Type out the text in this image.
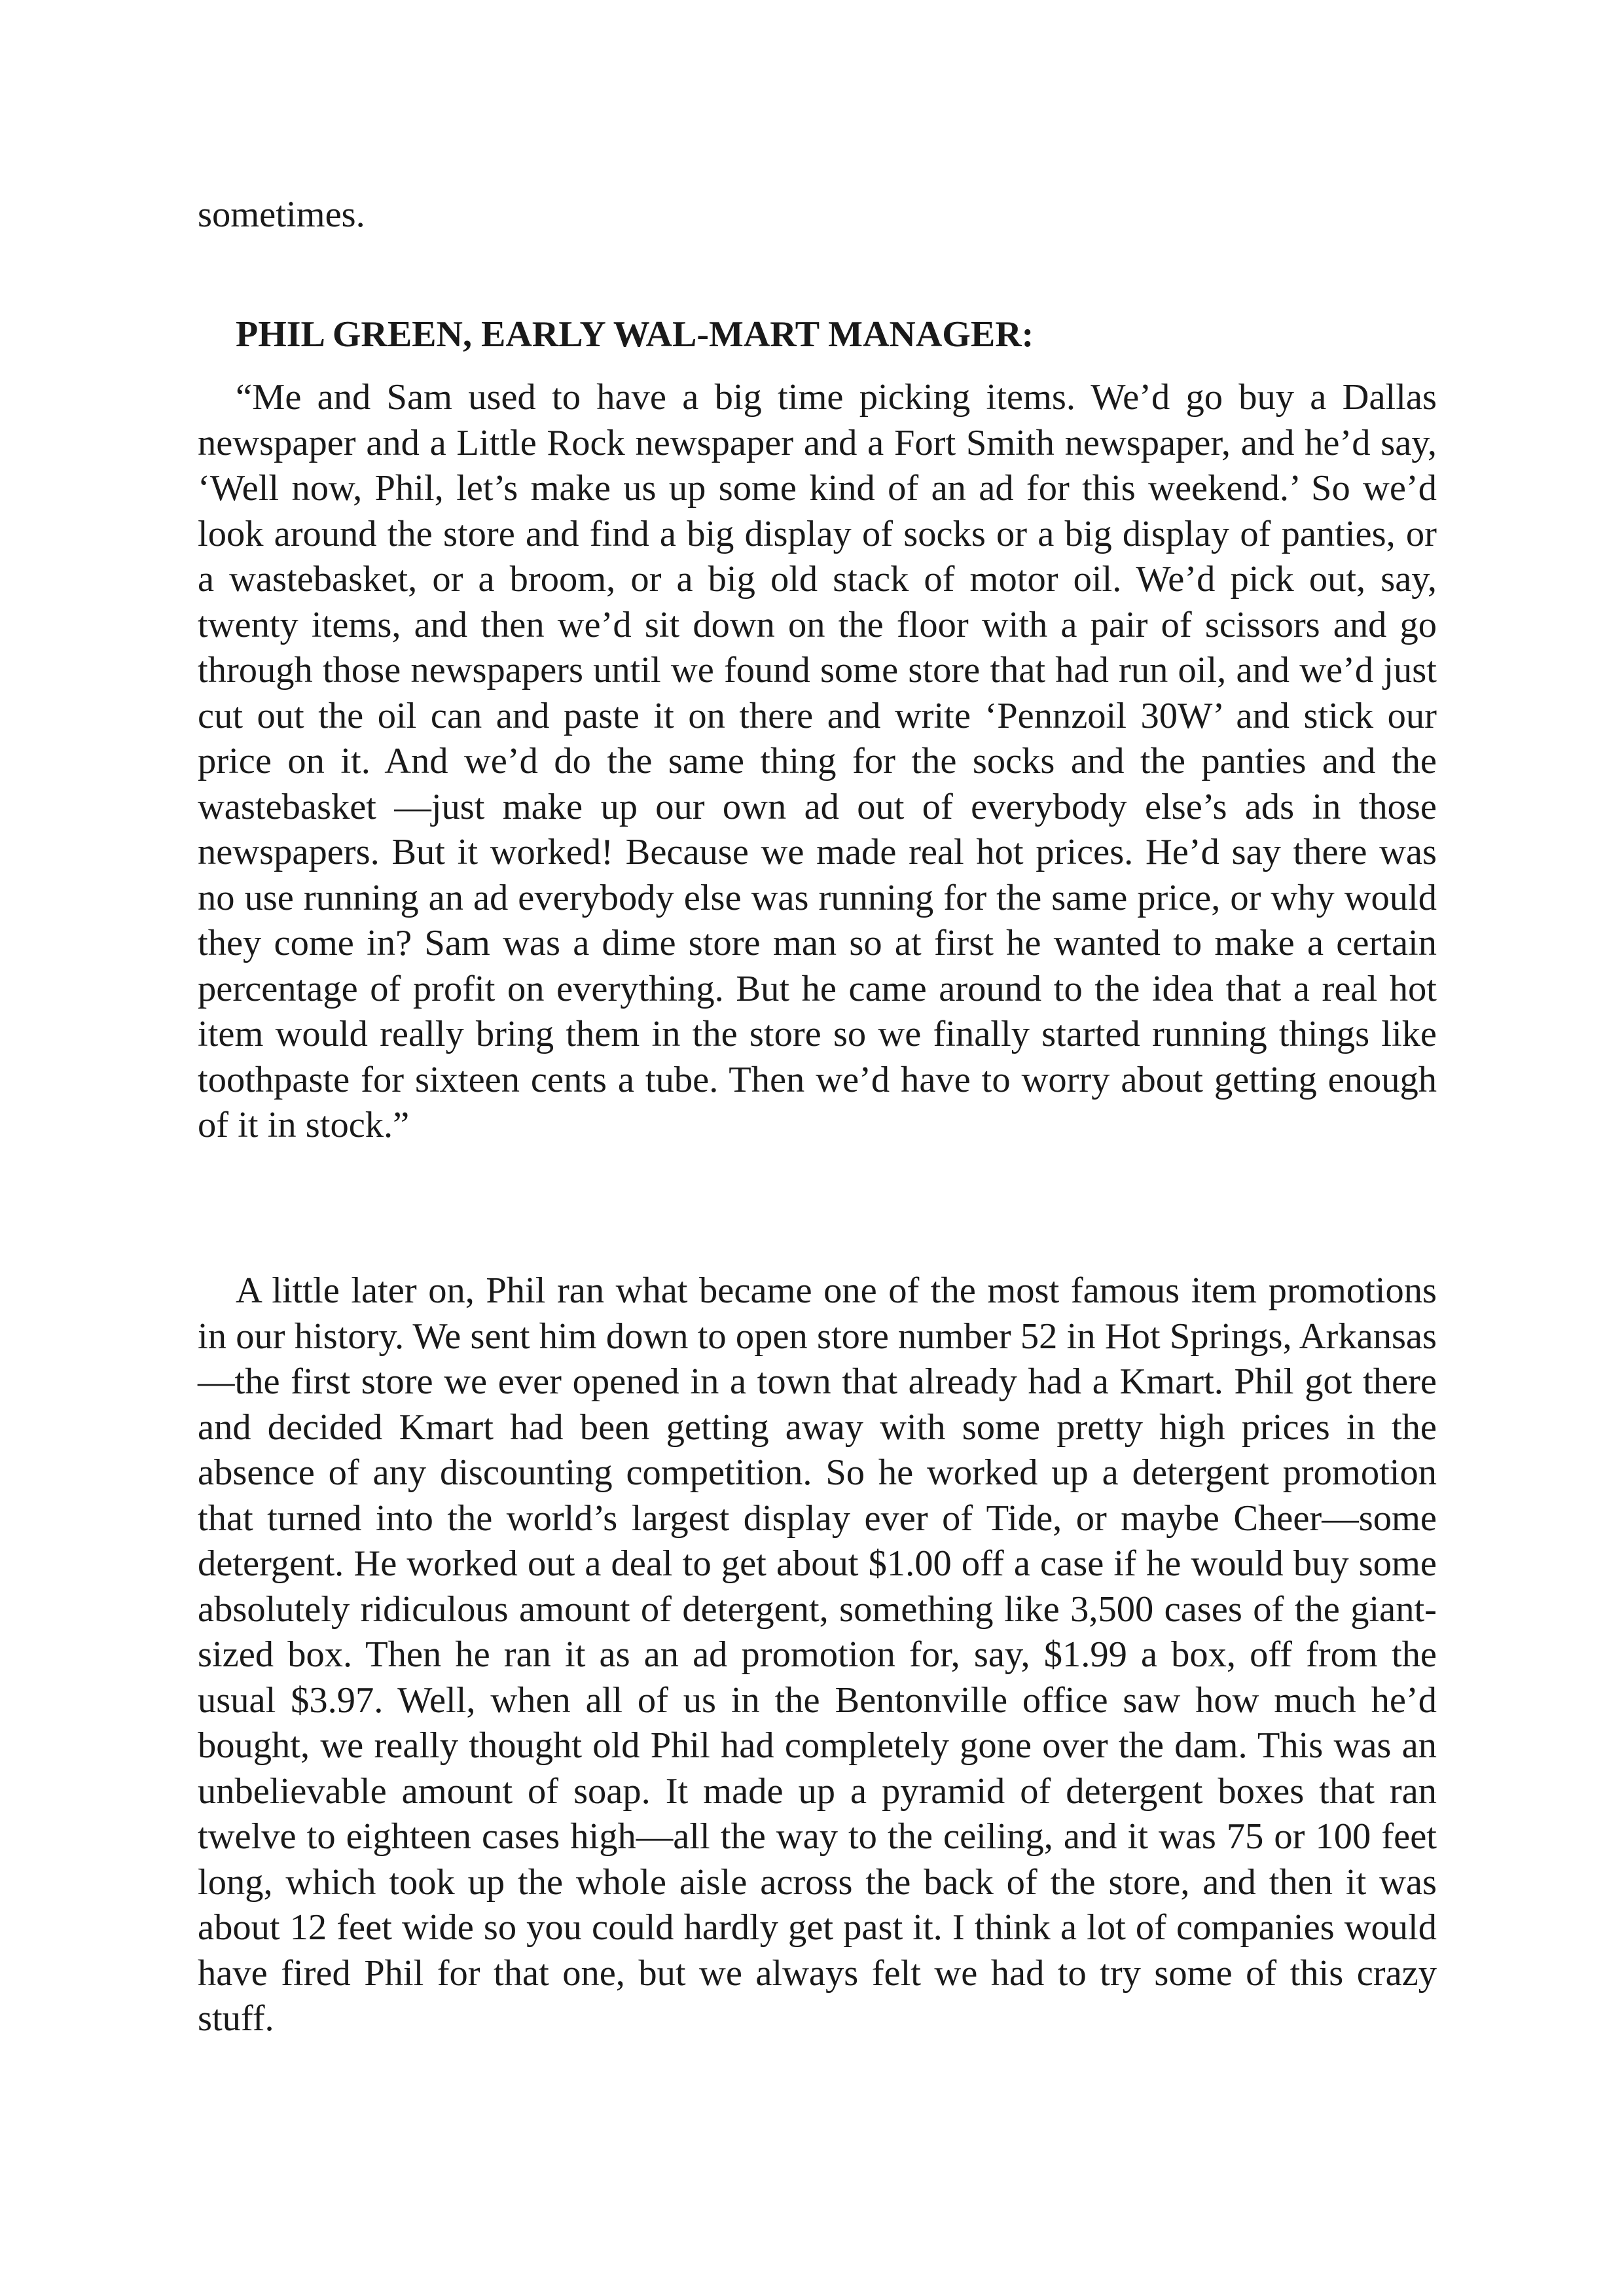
sometimes.

PHIL GREEN, EARLY WAL-MART MANAGER:

“Me and Sam used to have a big time picking items. We’d go buy a Dallas newspaper and a Little Rock newspaper and a Fort Smith newspaper, and he’d say, ‘Well now, Phil, let’s make us up some kind of an ad for this weekend.’ So we’d look around the store and find a big display of socks or a big display of panties, or a wastebasket, or a broom, or a big old stack of motor oil. We’d pick out, say, twenty items, and then we’d sit down on the floor with a pair of scissors and go through those newspapers until we found some store that had run oil, and we’d just cut out the oil can and paste it on there and write ‘Pennzoil 30W’ and stick our price on it. And we’d do the same thing for the socks and the panties and the wastebasket —just make up our own ad out of everybody else’s ads in those newspapers. But it worked! Because we made real hot prices. He’d say there was no use running an ad everybody else was running for the same price, or why would they come in? Sam was a dime store man so at first he wanted to make a certain percentage of profit on everything. But he came around to the idea that a real hot item would really bring them in the store so we finally started running things like toothpaste for sixteen cents a tube. Then we’d have to worry about getting enough of it in stock.”

A little later on, Phil ran what became one of the most famous item promotions in our history. We sent him down to open store number 52 in Hot Springs, Arkansas—the first store we ever opened in a town that already had a Kmart. Phil got there and decided Kmart had been getting away with some pretty high prices in the absence of any discounting competition. So he worked up a detergent promotion that turned into the world’s largest display ever of Tide, or maybe Cheer—some detergent. He worked out a deal to get about $1.00 off a case if he would buy some absolutely ridiculous amount of detergent, something like 3,500 cases of the giant-sized box. Then he ran it as an ad promotion for, say, $1.99 a box, off from the usual $3.97. Well, when all of us in the Bentonville office saw how much he’d bought, we really thought old Phil had completely gone over the dam. This was an unbelievable amount of soap. It made up a pyramid of detergent boxes that ran twelve to eighteen cases high—all the way to the ceiling, and it was 75 or 100 feet long, which took up the whole aisle across the back of the store, and then it was about 12 feet wide so you could hardly get past it. I think a lot of companies would have fired Phil for that one, but we always felt we had to try some of this crazy stuff.
